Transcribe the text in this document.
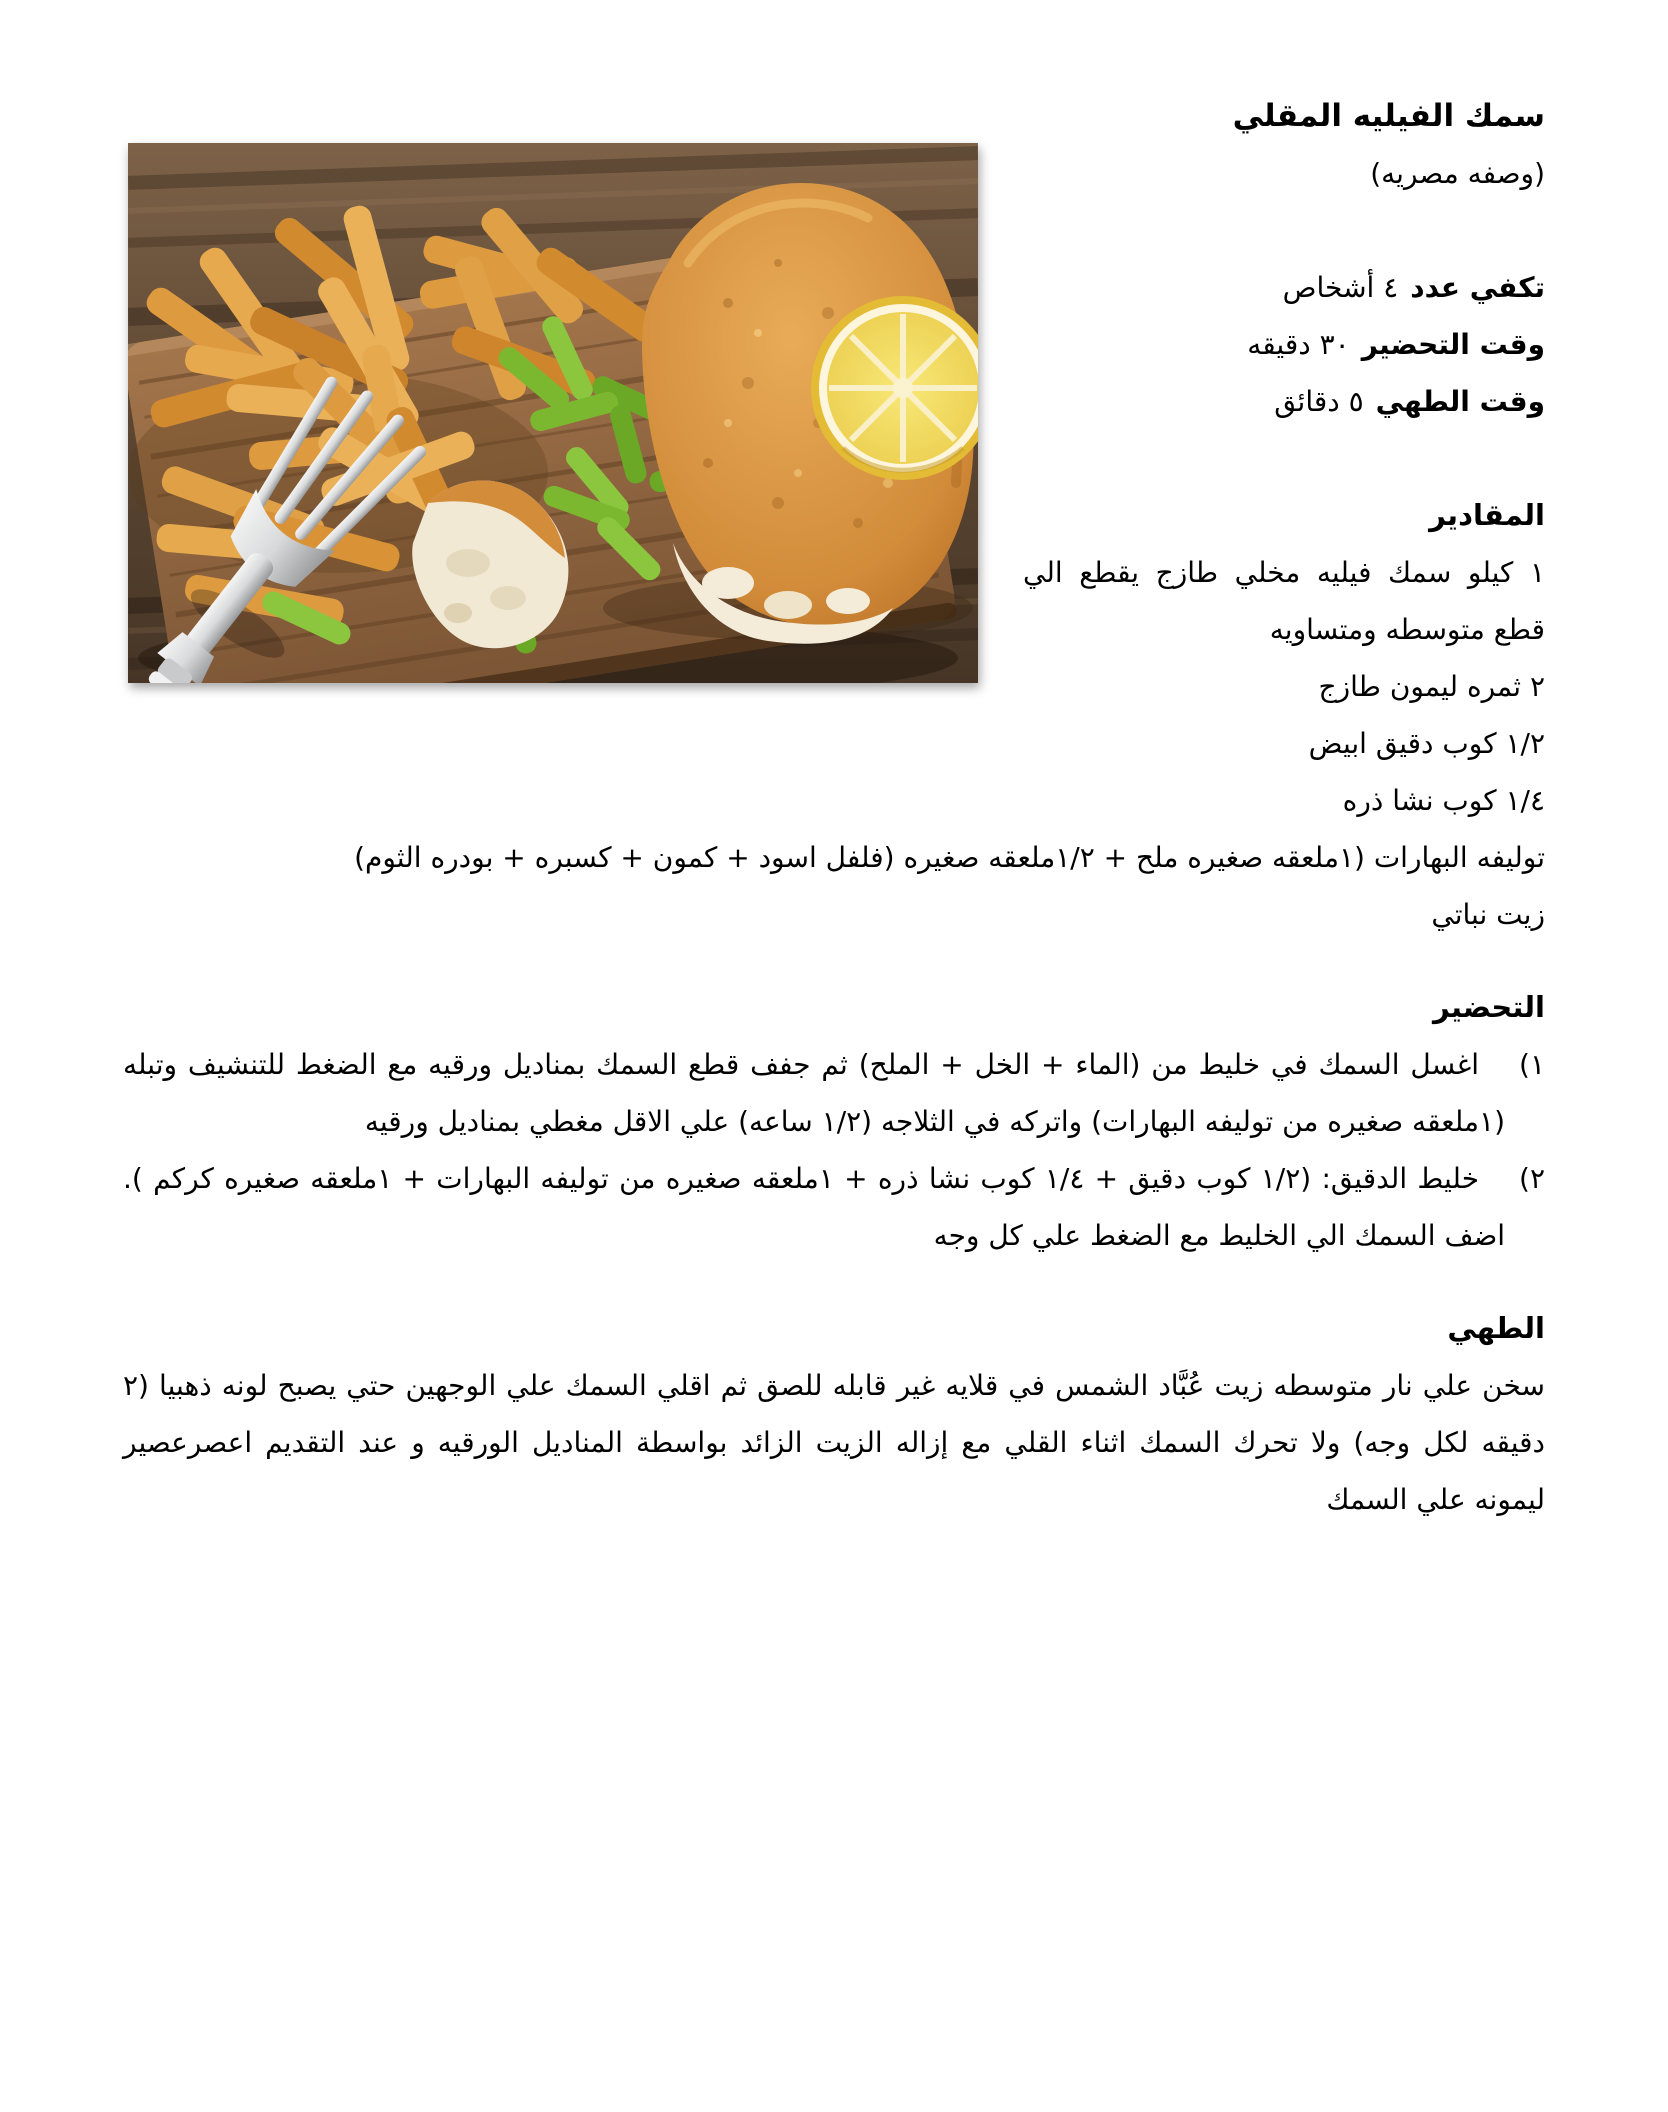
سمك الفيليه المقلي
(وصفه مصريه)
تكفي عدد٤ أشخاص
وقت التحضير٣٠ دقيقه
وقت الطهي٥ دقائق
المقادير
١ كيلو سمك فيليه مخلي طازج يقطع الي قطع متوسطه ومتساويه
٢ ثمره ليمون طازج
١/٢ كوب دقيق ابيض
١/٤ كوب نشا ذره
توليفه البهارات (١ملعقه صغيره ملح + ١/٢ملعقه صغيره (فلفل اسود + كمون + كسبره + بودره الثوم)
زيت نباتي
التحضير
١)اغسل السمك في خليط من (الماء + الخل + الملح) ثم جفف قطع السمك بمناديل ورقيه مع الضغط للتنشيف وتبله (١ملعقه صغيره من توليفه البهارات) واتركه في الثلاجه (١/٢ ساعه) علي الاقل مغطي بمناديل ورقيه
٢)خليط الدقيق: (١/٢ كوب دقيق + ١/٤ كوب نشا ذره + ١ملعقه صغيره من توليفه البهارات + ١ملعقه صغيره كركم ). اضف السمك الي الخليط مع الضغط علي كل وجه
الطهي
سخن علي نار متوسطه زيت عُبَّاد الشمس في قلايه غير قابله للصق ثم اقلي السمك علي الوجهين حتي يصبح لونه ذهبيا (٢ دقيقه لكل وجه) ولا تحرك السمك اثناء القلي مع إزاله الزيت الزائد بواسطة المناديل الورقيه و عند التقديم اعصرعصير ليمونه علي السمك
